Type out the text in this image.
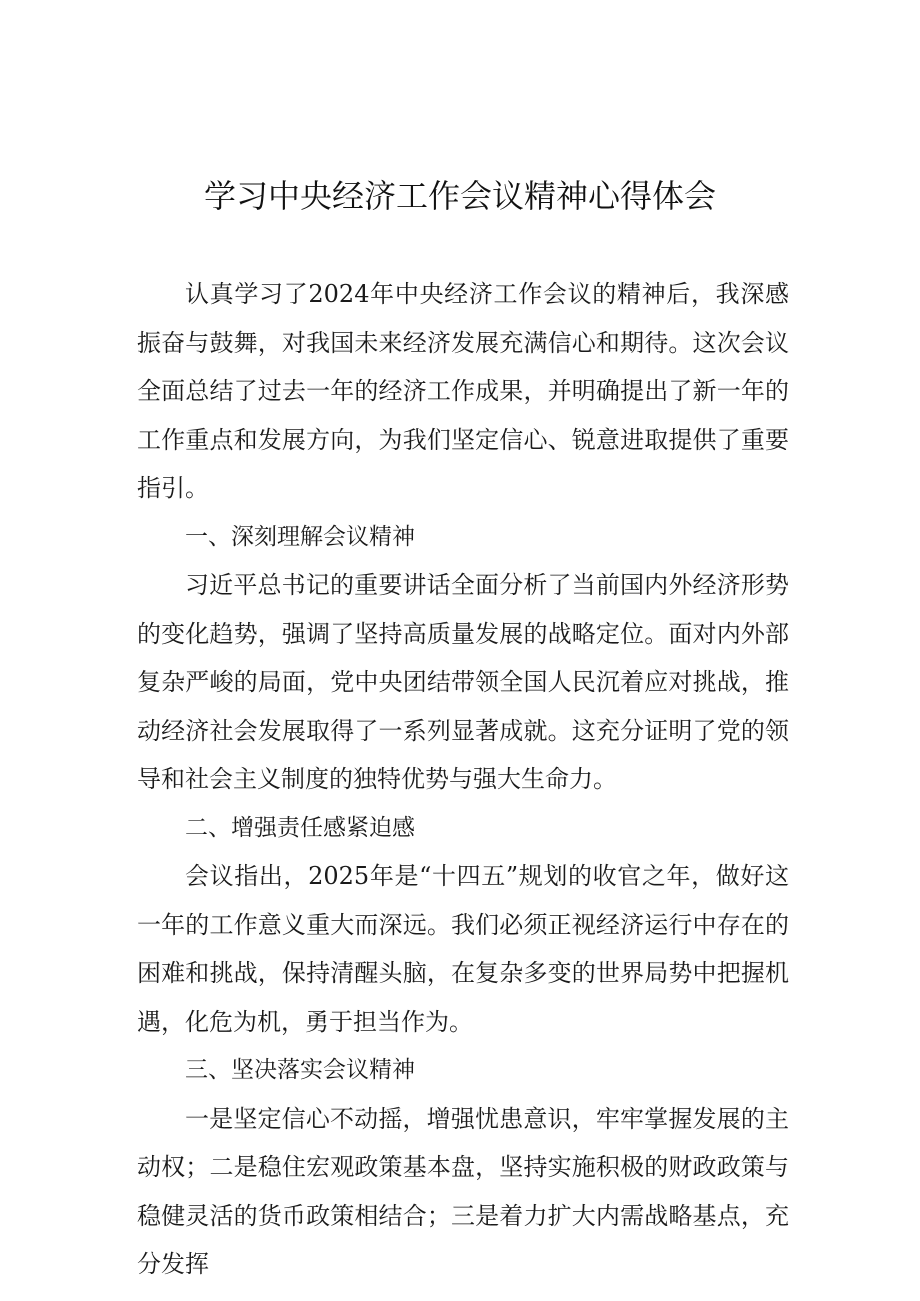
学习中央经济工作会议精神心得体会

认真学习了2024年中央经济工作会议的精神后，我深感振奋与鼓舞，对我国未来经济发展充满信心和期待。这次会议全面总结了过去一年的经济工作成果，并明确提出了新一年的工作重点和发展方向，为我们坚定信心、锐意进取提供了重要指引。

一、深刻理解会议精神

习近平总书记的重要讲话全面分析了当前国内外经济形势的变化趋势，强调了坚持高质量发展的战略定位。面对内外部复杂严峻的局面，党中央团结带领全国人民沉着应对挑战，推动经济社会发展取得了一系列显著成就。这充分证明了党的领导和社会主义制度的独特优势与强大生命力。

二、增强责任感紧迫感

会议指出，2025年是“十四五”规划的收官之年，做好这一年的工作意义重大而深远。我们必须正视经济运行中存在的困难和挑战，保持清醒头脑，在复杂多变的世界局势中把握机遇，化危为机，勇于担当作为。

三、坚决落实会议精神

一是坚定信心不动摇，增强忧患意识，牢牢掌握发展的主动权；二是稳住宏观政策基本盘，坚持实施积极的财政政策与稳健灵活的货币政策相结合；三是着力扩大内需战略基点，充分发挥
